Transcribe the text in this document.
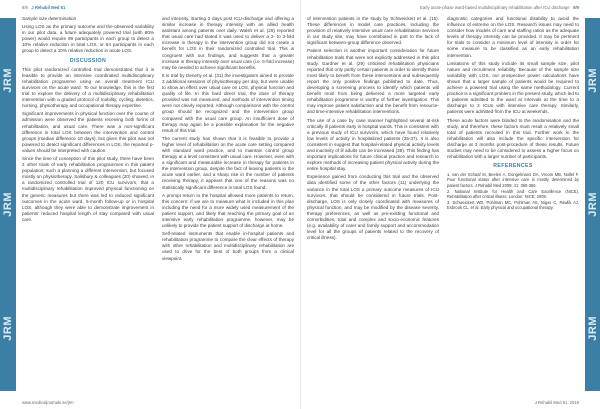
JRM
JRM
JRM
8/9 J Rehabil Med 51

Sample size determination

Using LOS as the primary outcome and the observed variability in our pilot data, a future adequately powered trial (with 80% power) would require 99 participants in each group to detect a 10% relative reduction in total LOS, or 64 participants in each group to detect a 10% relative reduction in acute LOS.

DISCUSSION

This pilot randomized controlled trial demonstrated that it is feasible to provide an intensive coordinated multidisciplinary rehabilitation programme using an overall treatment ICU survivors on the acute ward. To our knowledge, this is the first trial to explore the delivery of a multidisciplinary rehabilitation intervention with a graded protocol of mobility, cycling, dietetics, nursing, physiotherapy and occupational therapy expertise.

Significant improvements in physical function over the course of admission were observed the patients receiving both forms of rehabilitation, and usual care. There was a non-significant difference in total LOS between the intervention and control groups (median difference 10 days), but given this pilot was not powered to detect significant differences in LOS, the reported p-values should be interpreted with caution.

Since the time of conception of this pilot study, there have been 2 other trials of early rehabilitation programmes in this patient population; such a planning a different intervention, but focused mostly on physiotherapy. Salisbury & colleagues (20) showed, in a randomized controlled trial of 120 ICU survivors, that a multidisciplinary rehabilitation improved physical functioning on the generic measures but there was led to reduced significant outcomes in the acute ward, 6-month follow-up or in hospital LOS, although they were able to demonstrate improvement in patients' reduced hospital length of stay compared with usual care.

and intensity, starting 2 days post ICU-discharge and offering a similar increase in therapy intensity with an allied health assistant among patients over daily. Walsh et al. (29) reported that usual care had stated it was used to deliver a 2- to 3-fold increase in therapy in the intervention group did not create a benefit for LOS in their randomized controlled trial. This is congruent with our findings, and suggests that a greater increase in therapy intensity over usual care (i.e. 5-fold increase) may be needed to achieve significant benefits.

It is trial by Denehy et al. (31) the investigators aimed to provide 3 additional sessions of physiotherapy per day, but were unable to show an effect over usual care on LOS, physical function and quality of life. In this hard direct trial, the dose of therapy provided was not measured, and methods of intervention timing were not clearly reported. Although comparisons with the control group should be recognized and the intervention group compared with the usual care group. An insufficient dose of therapy may again be a possible explanation for the negative result of this trial.

The current study has shown that it is feasible to provide a higher level of rehabilitation on the acute care setting compared with standard ward practice, and to maintain control group therapy at a level consistent with usual care. However, even with a significant and measurable increase in therapy for patients in the intervention group, despite the fact of leaving patients in the acute ward earlier, and a sharp rise in the number of patients receiving therapy, it appears that one of the reasons was no statistically significant difference in total LOS found.

A prompt return to the hospital allowed more patients to return, this concern; if we are to measure what is included in this plan including the need for a more widely used measurement of the patient support, and likely that reaching the primary goal of an intensive early rehabilitation programme, however, may be unlikely to provide the patient support of discharge at home.

Self-related instruments that enable in-hospital patients and rehabilitation programme to compare the clear effects of therapy with other rehabilitation and multidisciplinary rehabilitation are used to drive for the best of both groups from a clinical viewpoint.

www.medicaljournals.se/jrm
JRM
JRM
JRM
Early acute-phase ward-based multidisciplinary rehabilitation after ICU discharge 9/9

of intervention patients in the study by Schweickert et al. (15). These differences in model care practices, including the provision of relatively intensive usual care rehabilitation services in our study site, may have contributed in part to the lack of significant between-group difference observed.

Patient selection is another important consideration for future rehabilitation trials that were not explicitly addressed in this pilot study. Gardner et al. (29) criticised rehabilitation physicians reported that only partly certain patients in order to identify those most likely to benefit from these interventions and subsequently report the only positive findings published to date. Thus, developing a screening process to identify which patients will benefit most from being delivered a more targeted early rehabilitation programme is worthy of further investigation. This may improve patient satisfaction and the benefit from resource- and time-intensive rehabilitation interventions.

The use of a case by case manner highlighted several at-risk critically ill patients early in hospital wards. This is consistent with a previous study of ICU survivors, which have found relatively low levels of activity in hospitalized patients (35-37). It is also consistent in suggest that hospital-related physical activity levels and inactivity of ill adults can be increased (38). This finding has important implications for future clinical practice and research to explore methods of increasing patient physical activity during the entire hospital stay.

Experience gained from conducting this trial and the observed data identified some of the other factors (11) underlying the variance in the total LOS a primary outcome measures of ICU survivors, that should be considered in future trials. Post-discharge, LOS is only closely coordinated with measures of physical function, and may be modified by the disease severity, therapy preferences, as well as pre-existing functional and comorbidities, total and complex and socio-economic features (e.g. availability of carer and family support and accommodation level for all the groups of patients related to the recovery of critical illness).

diagnostic categories and functional disability to avoid the influence of extreme on the LOS. Research issues may need to consider how models of care and staffing ratios as the adequate levels of therapy intensity can be provided. It may be pertinent for trials to consider a minimum level of intensity in order for some measure to be classified as an early rehabilitation intervention.

Limitations of this study include its small sample size, pilot nature and recruitment reliability. Because of the sample size variability with LOS, our prospective power calculations have shown that a larger sample of patients would be required to achieve a powered trial using the same methodology. Current practice is a significant problem in the present study, which led to 6 patients admitted to the ward at intervals at the time to a discharge to 2 ICUs with intensive care therapy. Similarly, patients were admitted from the ICU at weekends.

These acute factors were blinded to the randomisation and the study, and therefore, these factors must result a relatively small total of patients recruited in this trial. Further work in the rehabilitation will also include the specific intervention for discharge at 3 months post-procedure of these results. Future studies may need to be considered to assess a higher focus on rehabilitation with a larger number of participants.

REFERENCES

1. van der Schaaf M, Beelen A, Dongelmans DA, Vroom MB, Nollet F. Poor functional status after intensive care is mostly determined by patient factors. J Rehabil Med 2009; 41: 360-366.

2. National Institute for Health and Care Excellence (NICE). Rehabilitation after critical illness. London: NICE; 2009.

3. Schweickert WD, Pohlman MC, Pohlman AS, Nigos C, Pawlik AJ, Esbrook CL, et al. Early physical and occupational therapy.

J Rehabil Med 51, 2019
